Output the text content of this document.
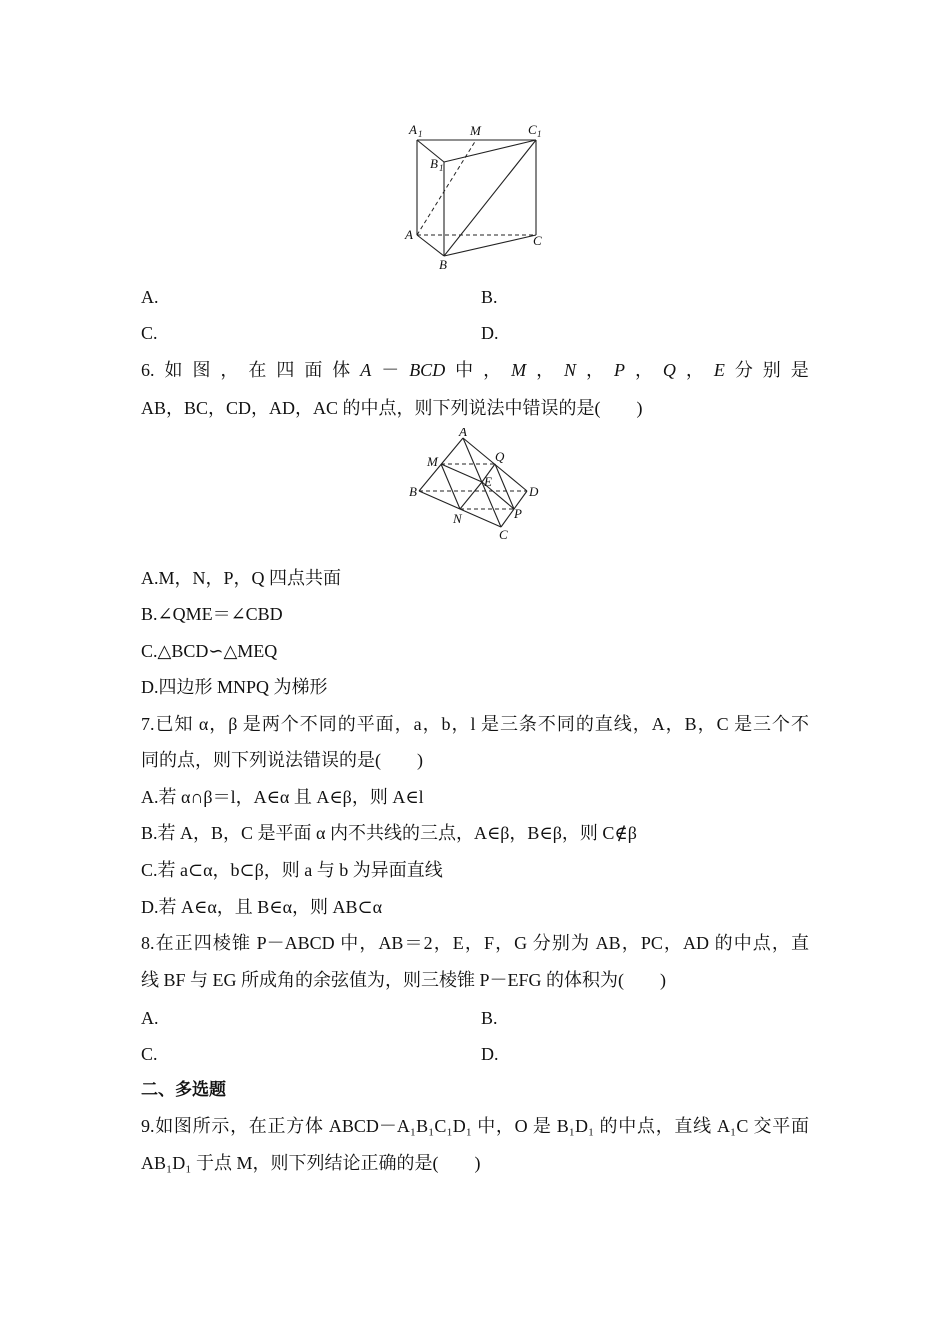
A 1	M	C 1
B 1
A	C
B
A.	B.
C.	D.
6. 如 图 ， 在 四 面 体 A － BCD 中 ， M ， N ， P ， Q ， E 分 别 是
AB，BC，CD，AD，AC 的中点，则下列说法中错误的是(　　)
A
M	Q
E
B	D
N	P
C
A.M，N，P，Q 四点共面
B.∠QME＝∠CBD
C.△BCD∽△MEQ
D.四边形 MNPQ 为梯形
7.已知 α，β 是两个不同的平面，a，b，l 是三条不同的直线，A，B，C 是三个不
同的点，则下列说法错误的是(　　)
A.若 α∩β＝l，A∈α 且 A∈β，则 A∈l
B.若 A，B，C 是平面 α 内不共线的三点，A∈β，B∈β，则 C∉β
C.若 a⊂α，b⊂β，则 a 与 b 为异面直线
D.若 A∈α，且 B∈α，则 AB⊂α
8.在正四棱锥 P－ABCD 中，AB＝2，E，F，G 分别为 AB，PC，AD 的中点，直
线 BF 与 EG 所成角的余弦值为，则三棱锥 P－EFG 的体积为(　　)
A.	B.
C.	D.
二、多选题
9.如图所示，在正方体 ABCD－A₁B₁C₁D₁ 中，O 是 B₁D₁ 的中点，直线 A₁C 交平面
AB₁D₁ 于点 M，则下列结论正确的是(　　)
